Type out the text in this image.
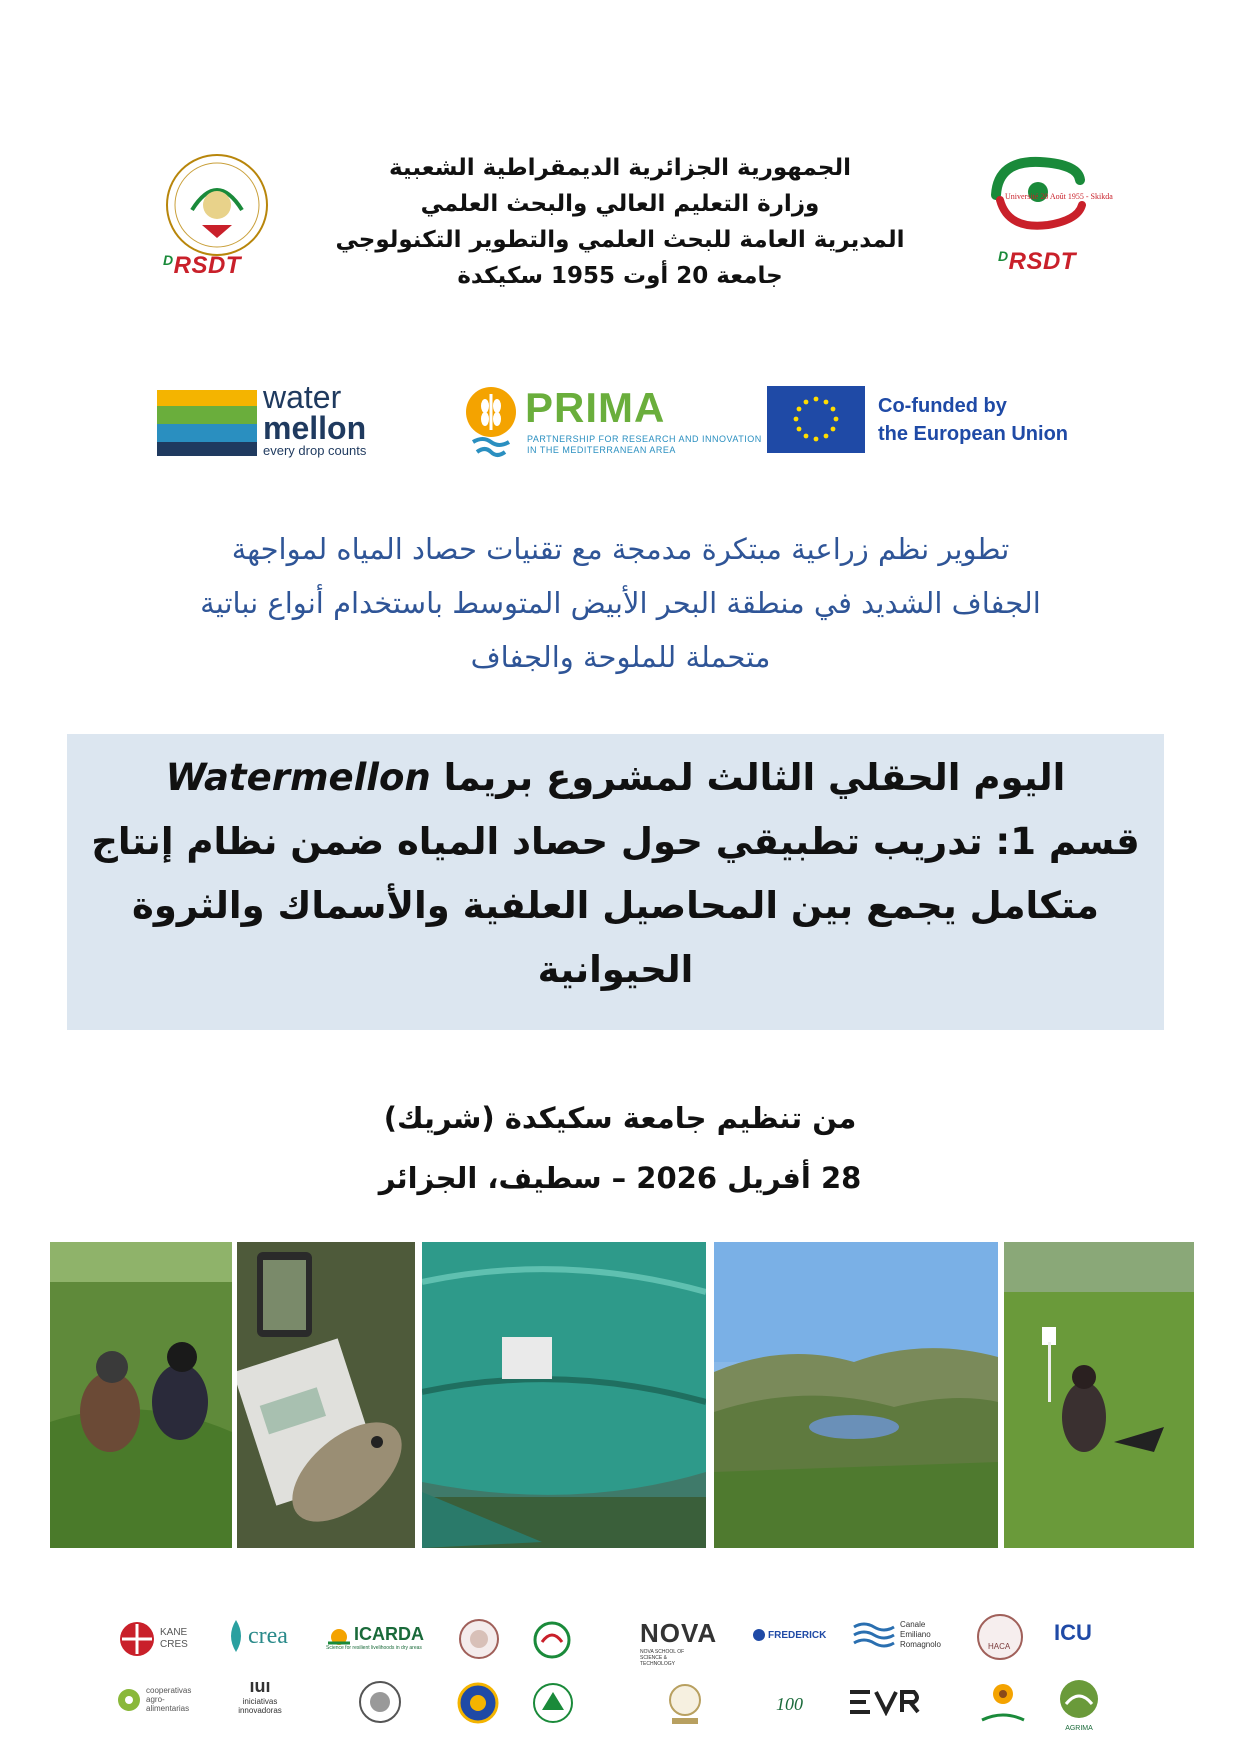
$^D$RSDT
Université 20 Août 1955 - Skikda
$^D$RSDT
الجمهورية الجزائرية الديمقراطية الشعبية
وزارة التعليم العالي والبحث العلمي
المديرية العامة للبحث العلمي والتطوير التكنولوجي
جامعة 20 أوت 1955 سكيكدة
water
mellon
every drop counts
PRIMA
PARTNERSHIP FOR RESEARCH AND INNOVATION
IN THE MEDITERRANEAN AREA
Co-funded by
the European Union
تطوير نظم زراعية مبتكرة مدمجة مع تقنيات حصاد المياه لمواجهة
الجفاف الشديد في منطقة البحر الأبيض المتوسط باستخدام أنواع نباتية
متحملة للملوحة والجفاف
اليوم الحقلي الثالث لمشروع بريما Watermellon
قسم 1: تدريب تطبيقي حول حصاد المياه ضمن نظام إنتاج
متكامل يجمع بين المحاصيل العلفية والأسماك والثروة
الحيوانية
من تنظيم جامعة سكيكدة (شريك)
28 أفريل 2026 – سطيف، الجزائر
KANE CRES	crea	ICARDA
Science for resilient livelihoods in dry areas	NOVA
NOVA SCHOOL OF SCIENCE & TECHNOLOGY
FREDERICK
Canale Emiliano Romagnolo	HACA
ICU
cooperativas agro-alimentarias
ıuı
iniciativas innovadoras	100
AGRIMA
